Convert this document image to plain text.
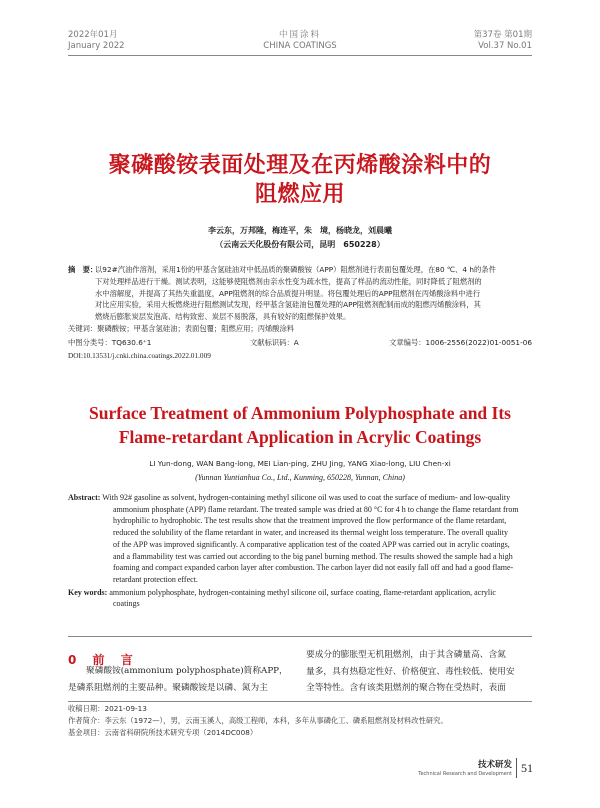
2022年01月
January 2022
中国涂料
CHINA COATINGS
第37卷 第01期
Vol.37 No.01
聚磷酸铵表面处理及在丙烯酸涂料中的
阻燃应用
李云东，万邦隆，梅连平，朱　境，杨晓龙，刘晨曦
（云南云天化股份有限公司，昆明　650228）
摘　要：
以92#汽油作溶剂，采用1份的甲基含氢硅油对中低品质的聚磷酸铵（APP）阻燃剂进行表面包覆处理，在80 ℃、4 h的条件
下对处理样品进行干燥。测试表明，这能够使阻燃剂由亲水性变为疏水性，提高了样品的流动性能，同时降低了阻燃剂的
水中溶解度，并提高了其热失重温度，APP阻燃剂的综合品质提升明显。将包覆处理后的APP阻燃剂在丙烯酸涂料中进行
对比应用实验，采用大板燃烧进行阻燃测试发现，经甲基含氢硅油包覆处理的APP阻燃剂配制而成的阻燃丙烯酸涂料，其
燃烧后膨胀炭层发泡高、结构致密、炭层不易脱落，具有较好的阻燃保护效果。
关键词：聚磷酸铵；甲基含氢硅油；表面包覆；阻燃应用；丙烯酸涂料
中图分类号：TQ630.6⁺1	文献标识码：A	文章编号：1006-2556(2022)01-0051-06
DOI:10.13531/j.cnki.china.coatings.2022.01.009
Surface Treatment of Ammonium Polyphosphate and Its
Flame-retardant Application in Acrylic Coatings
LI Yun-dong, WAN Bang-long, MEI Lian-ping, ZHU Jing, YANG Xiao-long, LIU Chen-xi
(Yunnan Yuntianhua Co., Ltd., Kunming, 650228, Yunnan, China)
Abstract: With 92# gasoline as solvent, hydrogen-containing methyl silicone oil was used to coat the surface of medium- and low-quality
ammonium phosphate (APP) flame retardant. The treated sample was dried at 80 °C for 4 h to change the flame retardant from
hydrophilic to hydrophobic. The test results show that the treatment improved the flow performance of the flame retardant,
reduced the solubility of the flame retardant in water, and increased its thermal weight loss temperature. The overall quality
of the APP was improved significantly. A comparative application test of the coated APP was carried out in acrylic coatings,
and a flammability test was carried out according to the big panel burning method. The results showed the sample had a high
foaming and compact expanded carbon layer after combustion. The carbon layer did not easily fall off and had a good flame-
retardant protection effect.
Key words: ammonium polyphosphate, hydrogen-containing methyl silicone oil, surface coating, flame-retardant application, acrylic
coatings
0 前 言
聚磷酸铵(ammonium polyphosphate)简称APP，
是磷系阻燃剂的主要品种。聚磷酸铵是以磷、氮为主
要成分的膨胀型无机阻燃剂，由于其含磷量高、含氮
量多，具有热稳定性好、价格便宜、毒性较低、使用安
全等特性。含有该类阻燃剂的聚合物在受热时，表面
收稿日期：2021-09-13
作者简介：李云东（1972—），男，云南玉溪人，高级工程师，本科，多年从事磷化工、磷系阻燃剂及材料改性研究。
基金项目：云南省科研院所技术研究专项（2014DC008）
技术研发
Technical Research and Development 51
